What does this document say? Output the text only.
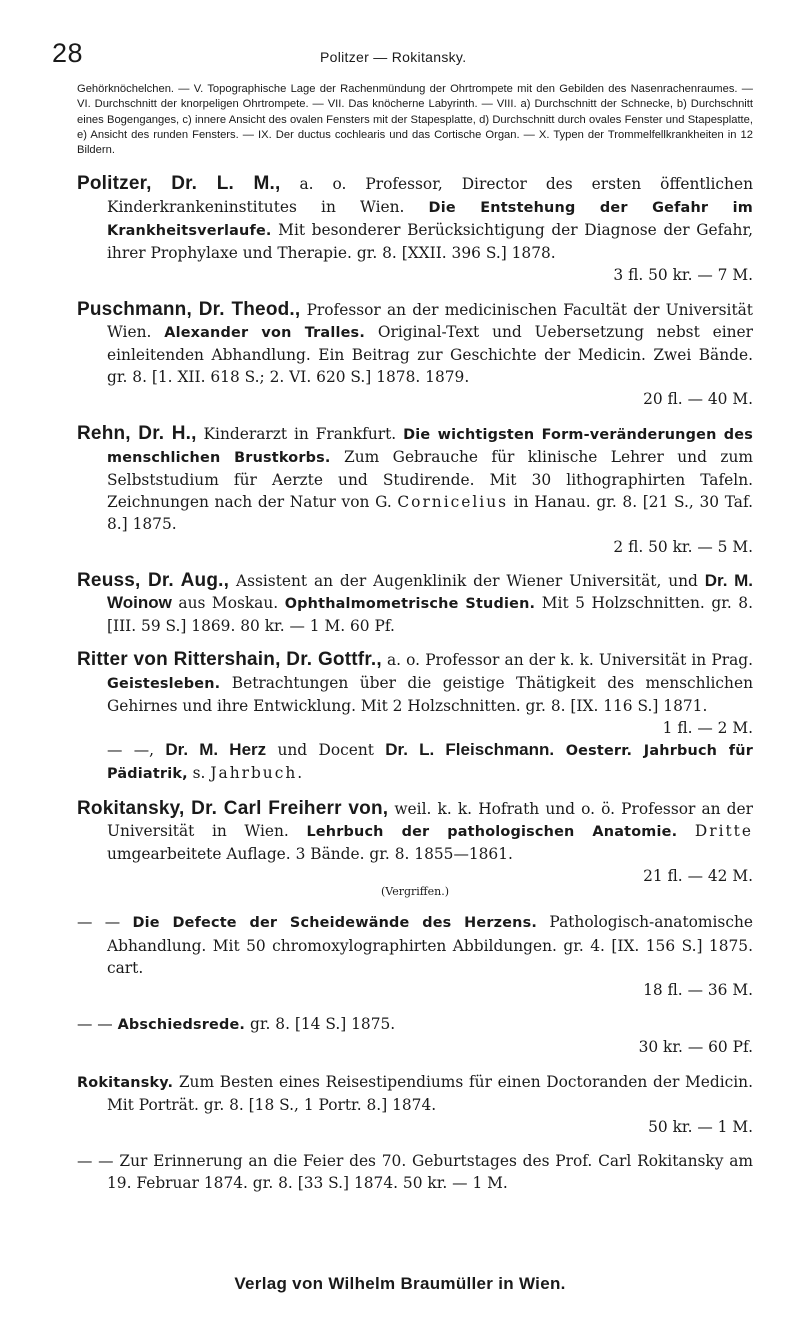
28	Politzer — Rokitansky.
Gehörknöchelchen. — V. Topographische Lage der Rachenmündung der Ohrtrompete mit den Gebilden des Nasenrachenraumes. — VI. Durchschnitt der knorpeligen Ohrtrompete. — VII. Das knöcherne Labyrinth. — VIII. a) Durchschnitt der Schnecke, b) Durchschnitt eines Bogenganges, c) innere Ansicht des ovalen Fensters mit der Stapesplatte, d) Durchschnitt durch ovales Fenster und Stapesplatte, e) Ansicht des runden Fensters. — IX. Der ductus cochlearis und das Cortische Organ. — X. Typen der Trommelfellkrankheiten in 12 Bildern.
Politzer, Dr. L. M., a. o. Professor, Director des ersten öffentlichen Kinderkrankeninstitutes in Wien. Die Entstehung der Gefahr im Krankheitsverlaufe. Mit besonderer Berücksichtigung der Diagnose der Gefahr, ihrer Prophylaxe und Therapie. gr. 8. [XXII. 396 S.] 1878.
3 fl. 50 kr. — 7 M.
Puschmann, Dr. Theod., Professor an der medicinischen Facultät der Universität Wien. Alexander von Tralles. Original-Text und Uebersetzung nebst einer einleitenden Abhandlung. Ein Beitrag zur Geschichte der Medicin. Zwei Bände. gr. 8. [1. XII. 618 S.; 2. VI. 620 S.] 1878. 1879.
20 fl. — 40 M.
Rehn, Dr. H., Kinderarzt in Frankfurt. Die wichtigsten Form-veränderungen des menschlichen Brustkorbs. Zum Gebrauche für klinische Lehrer und zum Selbststudium für Aerzte und Studirende. Mit 30 lithographirten Tafeln. Zeichnungen nach der Natur von G. Cornicelius in Hanau. gr. 8. [21 S., 30 Taf. 8.] 1875.
2 fl. 50 kr. — 5 M.
Reuss, Dr. Aug., Assistent an der Augenklinik der Wiener Universität, und Dr. M. Woinow aus Moskau. Ophthalmometrische Studien. Mit 5 Holzschnitten. gr. 8. [III. 59 S.] 1869. 80 kr. — 1 M. 60 Pf.
Ritter von Rittershain, Dr. Gottfr., a. o. Professor an der k. k. Universität in Prag. Geistesleben. Betrachtungen über die geistige Thätigkeit des menschlichen Gehirnes und ihre Entwicklung. Mit 2 Holzschnitten. gr. 8. [IX. 116 S.] 1871.
1 fl. — 2 M.
— —, Dr. M. Herz und Docent Dr. L. Fleischmann. Oesterr. Jahrbuch für Pädiatrik, s. Jahrbuch.
Rokitansky, Dr. Carl Freiherr von, weil. k. k. Hofrath und o. ö. Professor an der Universität in Wien. Lehrbuch der pathologischen Anatomie. Dritte umgearbeitete Auflage. 3 Bände. gr. 8. 1855—1861.
21 fl. — 42 M.
(Vergriffen.)
— — Die Defecte der Scheidewände des Herzens. Pathologisch-anatomische Abhandlung. Mit 50 chromoxylographirten Abbildungen. gr. 4. [IX. 156 S.] 1875. cart.
18 fl. — 36 M.
— — Abschiedsrede. gr. 8. [14 S.] 1875.
30 kr. — 60 Pf.
Rokitansky. Zum Besten eines Reisestipendiums für einen Doctoranden der Medicin. Mit Porträt. gr. 8. [18 S., 1 Portr. 8.] 1874.
50 kr. — 1 M.
— — Zur Erinnerung an die Feier des 70. Geburtstages des Prof. Carl Rokitansky am 19. Februar 1874. gr. 8. [33 S.] 1874. 50 kr. — 1 M.
Verlag von Wilhelm Braumüller in Wien.
